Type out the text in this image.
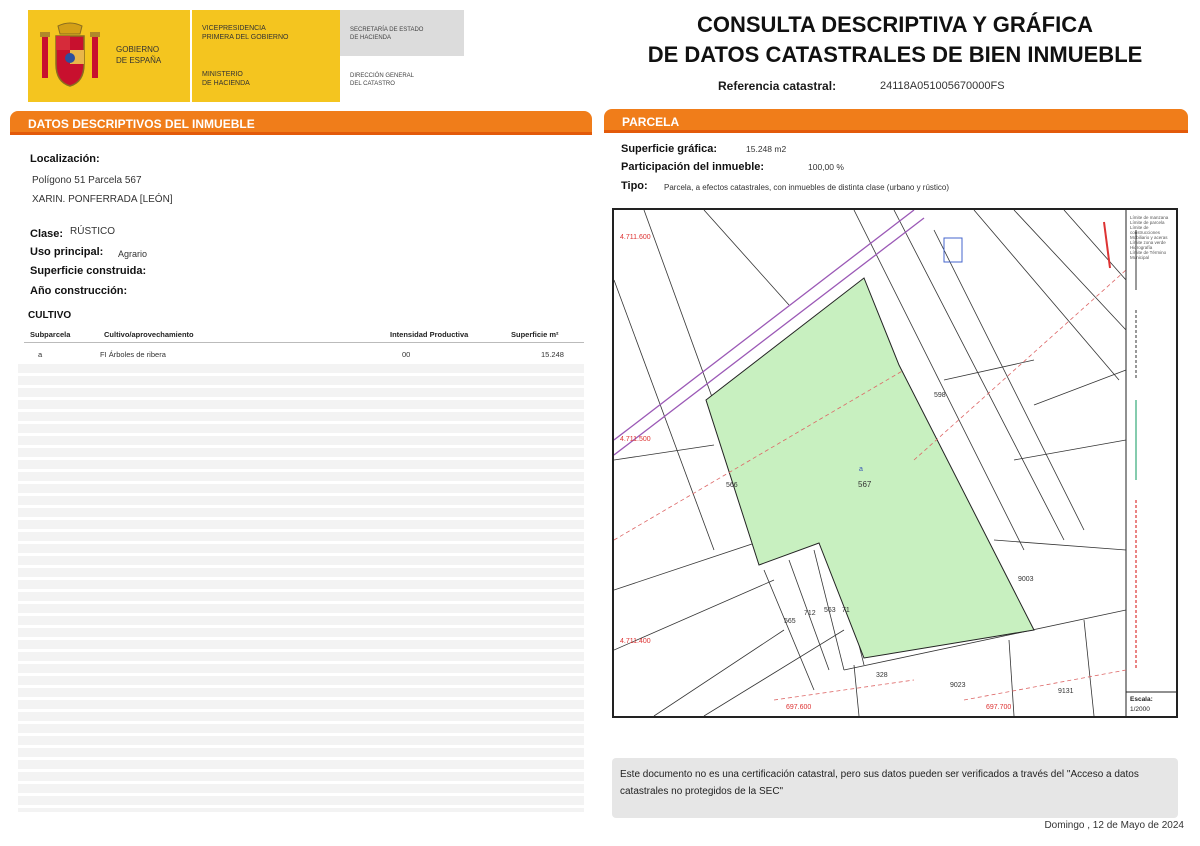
GOBIERNO
DE ESPAÑA
VICEPRESIDENCIA
PRIMERA DEL GOBIERNO
MINISTERIO
DE HACIENDA
SECRETARÍA DE ESTADO
DE HACIENDA
DIRECCIÓN GENERAL
DEL CATASTRO
CONSULTA DESCRIPTIVA Y GRÁFICA
DE DATOS CATASTRALES DE BIEN INMUEBLE
Referencia catastral:	24118A051005670000FS
DATOS DESCRIPTIVOS DEL INMUEBLE
Localización:
Polígono 51 Parcela 567
XARIN. PONFERRADA [LEÓN]
Clase: RÚSTICO
Uso principal: Agrario
Superficie construida:
Año construcción:
CULTIVO
Subparcela	Cultivo/aprovechamiento	Intensidad Productiva	Superficie m²
a	FI Árboles de ribera	00	15.248
PARCELA
Superficie gráfica:	15.248 m2
Participación del inmueble:	100,00 %
Tipo: Parcela, a efectos catastrales, con inmuebles de distinta clase (urbano y rústico)
567
a
598
566
565
9003
9023
328
9131
712 563 71
4.711.600
4.711.500
4.711.400
697.600	697.700
Escala:
1/2000
Límite de manzana
Límite de parcela
Límite de construcciones
Mobiliario y aceras
Límite zona verde
Hidrografía
Límite de Término Municipal
Este documento no es una certificación catastral, pero sus datos pueden ser verificados a través del "Acceso a datos catastrales no protegidos de la SEC"
Domingo , 12 de Mayo de 2024
